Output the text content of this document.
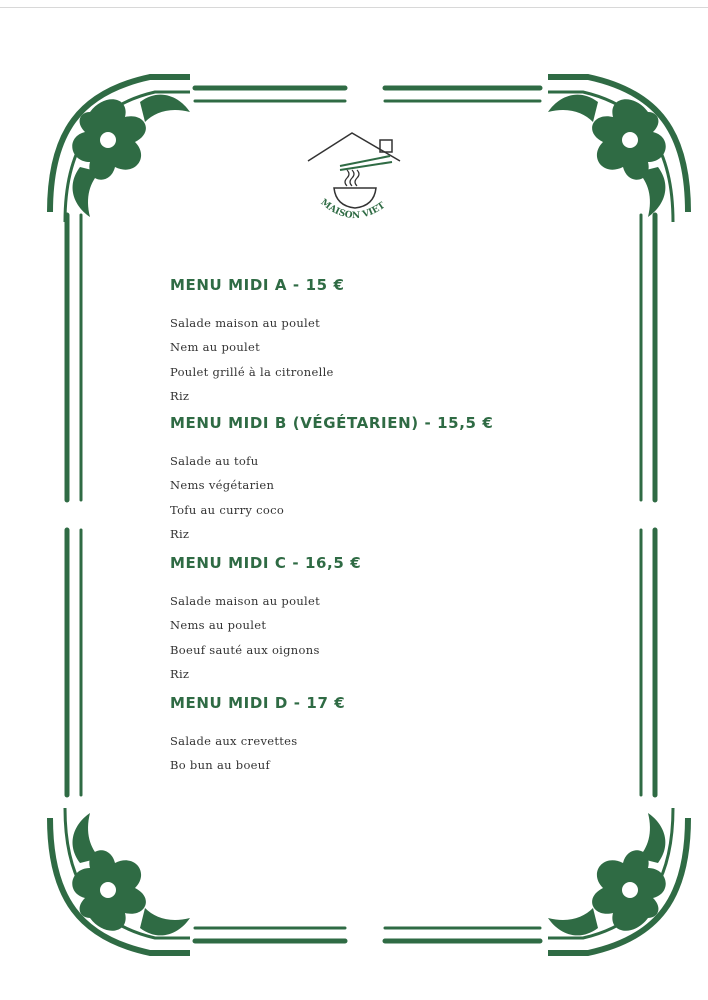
MAISON VIET
MENU MIDI A - 15 €
Salade maison au poulet
Nem au poulet
Poulet grillé à la citronelle
Riz
MENU MIDI B (VÉGÉTARIEN) - 15,5 €
Salade au tofu
Nems végétarien
Tofu au curry coco
Riz
MENU MIDI C - 16,5 €
Salade maison au poulet
Nems au poulet
Boeuf sauté aux oignons
Riz
MENU MIDI D - 17 €
Salade aux crevettes
Bo bun au boeuf
